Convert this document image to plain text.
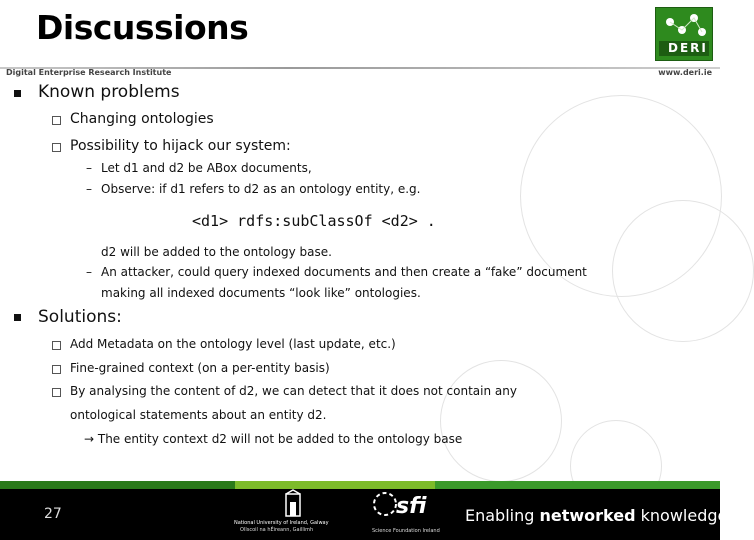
Discussions
DERI
Digital Enterprise Research Institute	www.deri.ie
Known problems
Changing ontologies
Possibility to hijack our system:
– Let d1 and d2 be ABox documents,
– Observe: if d1 refers to d2 as an ontology entity, e.g.
<d1> rdfs:subClassOf <d2> .
d2 will be added to the ontology base.
– An attacker, could query indexed documents and then create a “fake” document
making all indexed documents “look like” ontologies.
Solutions:
Add Metadata on the ontology level (last update, etc.)
Fine-grained context (on a per-entity basis)
By analysing the content of d2, we can detect that it does not contain any
ontological statements about an entity d2.
→ The entity context d2 will not be added to the ontology base
27
National University of Ireland, Galway
Ollscoil na hÉireann, Gaillimh
sfi
Science Foundation Ireland
Enabling networked knowledge.
